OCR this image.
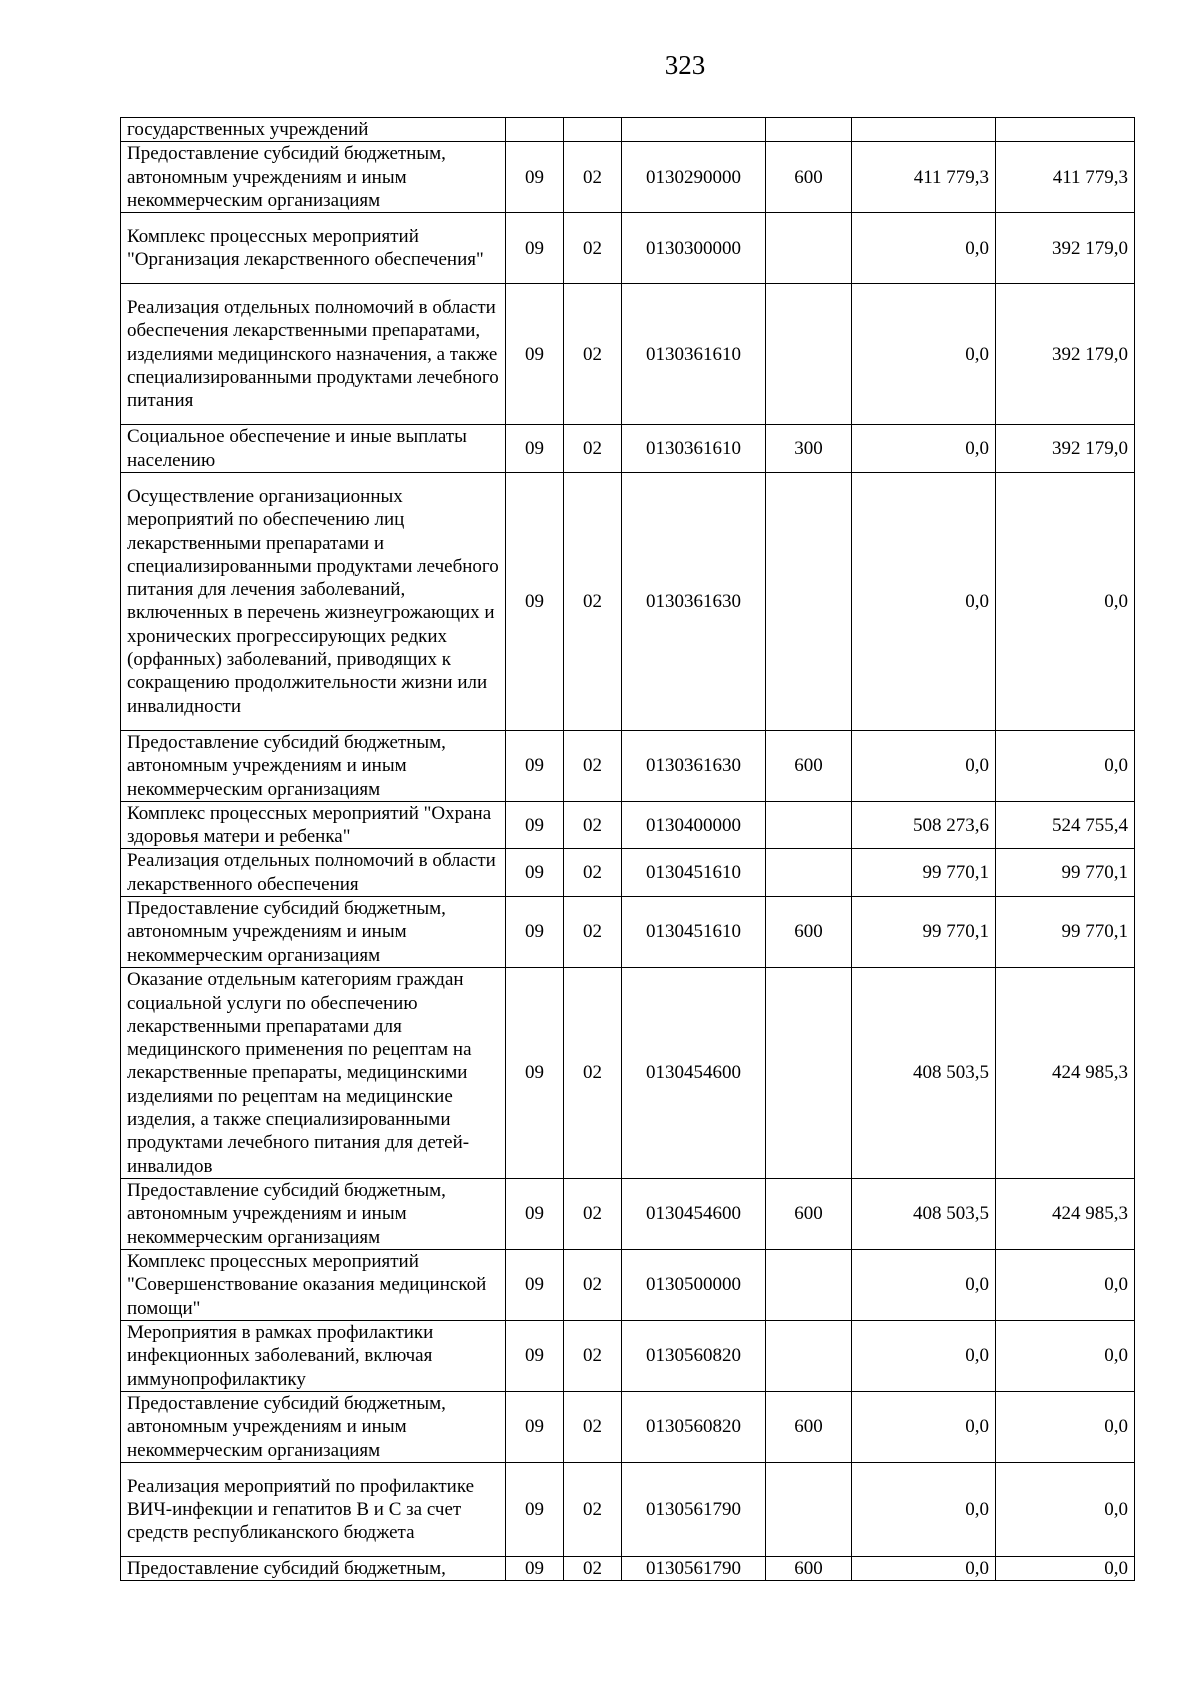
323
государственных учреждений						
Предоставление субсидий бюджетным, автономным учреждениям и иным некоммерческим организациям	09	02	0130290000	600	411 779,3	411 779,3
Комплекс процессных мероприятий "Организация лекарственного обеспечения"	09	02	0130300000		0,0	392 179,0
Реализация отдельных полномочий в области обеспечения лекарственными препаратами, изделиями медицинского назначения, а также специализированными продуктами лечебного питания	09	02	0130361610		0,0	392 179,0
Социальное обеспечение и иные выплаты населению	09	02	0130361610	300	0,0	392 179,0
Осуществление организационных мероприятий по обеспечению лиц лекарственными препаратами и специализированными продуктами лечебного питания для лечения заболеваний, включенных в перечень жизнеугрожающих и хронических прогрессирующих редких (орфанных) заболеваний, приводящих к сокращению продолжительности жизни или инвалидности	09	02	0130361630		0,0	0,0
Предоставление субсидий бюджетным, автономным учреждениям и иным некоммерческим организациям	09	02	0130361630	600	0,0	0,0
Комплекс процессных мероприятий "Охрана здоровья матери и ребенка"	09	02	0130400000		508 273,6	524 755,4
Реализация отдельных полномочий в области лекарственного обеспечения	09	02	0130451610		99 770,1	99 770,1
Предоставление субсидий бюджетным, автономным учреждениям и иным некоммерческим организациям	09	02	0130451610	600	99 770,1	99 770,1
Оказание отдельным категориям граждан социальной услуги по обеспечению лекарственными препаратами для медицинского применения по рецептам на лекарственные препараты, медицинскими изделиями по рецептам на медицинские изделия, а также специализированными продуктами лечебного питания для детей-инвалидов	09	02	0130454600		408 503,5	424 985,3
Предоставление субсидий бюджетным, автономным учреждениям и иным некоммерческим организациям	09	02	0130454600	600	408 503,5	424 985,3
Комплекс процессных мероприятий "Совершенствование оказания медицинской помощи"	09	02	0130500000		0,0	0,0
Мероприятия в рамках профилактики инфекционных заболеваний, включая иммунопрофилактику	09	02	0130560820		0,0	0,0
Предоставление субсидий бюджетным, автономным учреждениям и иным некоммерческим организациям	09	02	0130560820	600	0,0	0,0
Реализация мероприятий по профилактике ВИЧ-инфекции и гепатитов В и С за счет средств республиканского бюджета	09	02	0130561790		0,0	0,0
Предоставление субсидий бюджетным,	09	02	0130561790	600	0,0	0,0
